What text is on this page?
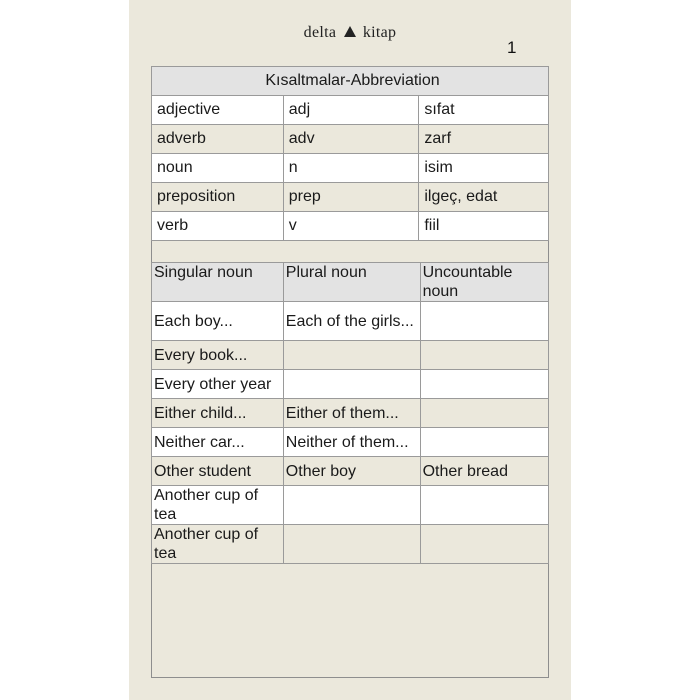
delta kitap
1
Kısaltmalar-Abbreviation		
adjective	adj	sıfat
adverb	adv	zarf
noun	n	isim
preposition	prep	ilgeç, edat
verb	v	fiil
Singular noun	Plural noun	Uncountable noun
Each boy...	Each of the girls...	
Every book...		
Every other year		
Either child...	Either of them...	
Neither car...	Neither of them...	
Other student	Other boy	Other bread
Another cup of tea		
Another cup of tea		
